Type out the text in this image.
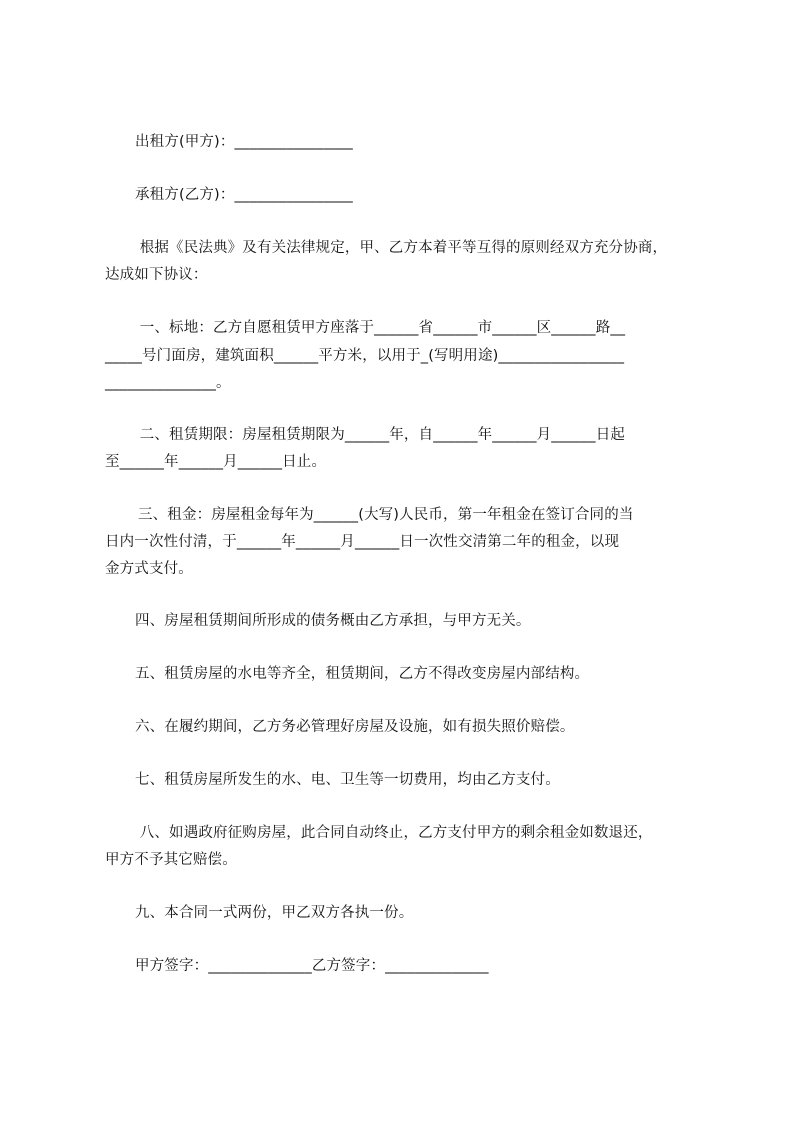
出租方(甲方)：________________

承租方(乙方)：________________

根据《民法典》及有关法律规定，甲、乙方本着平等互得的原则经双方充分协商，

达成如下协议：

一、标地：乙方自愿租赁甲方座落于______省______市______区______路__

_____号门面房，建筑面积______平方米，以用于_(写明用途)_________________

_______________。

二、租赁期限：房屋租赁期限为______年，自______年______月______日起

至______年______月______日止。

三、租金：房屋租金每年为______(大写)人民币，第一年租金在签订合同的当

日内一次性付清，于______年______月______日一次性交清第二年的租金，以现

金方式支付。

四、房屋租赁期间所形成的债务概由乙方承担，与甲方无关。

五、租赁房屋的水电等齐全，租赁期间，乙方不得改变房屋内部结构。

六、在履约期间，乙方务必管理好房屋及设施，如有损失照价赔偿。

七、租赁房屋所发生的水、电、卫生等一切费用，均由乙方支付。

八、如遇政府征购房屋，此合同自动终止，乙方支付甲方的剩余租金如数退还，

甲方不予其它赔偿。

九、本合同一式两份，甲乙双方各执一份。

甲方签字：______________乙方签字：______________
